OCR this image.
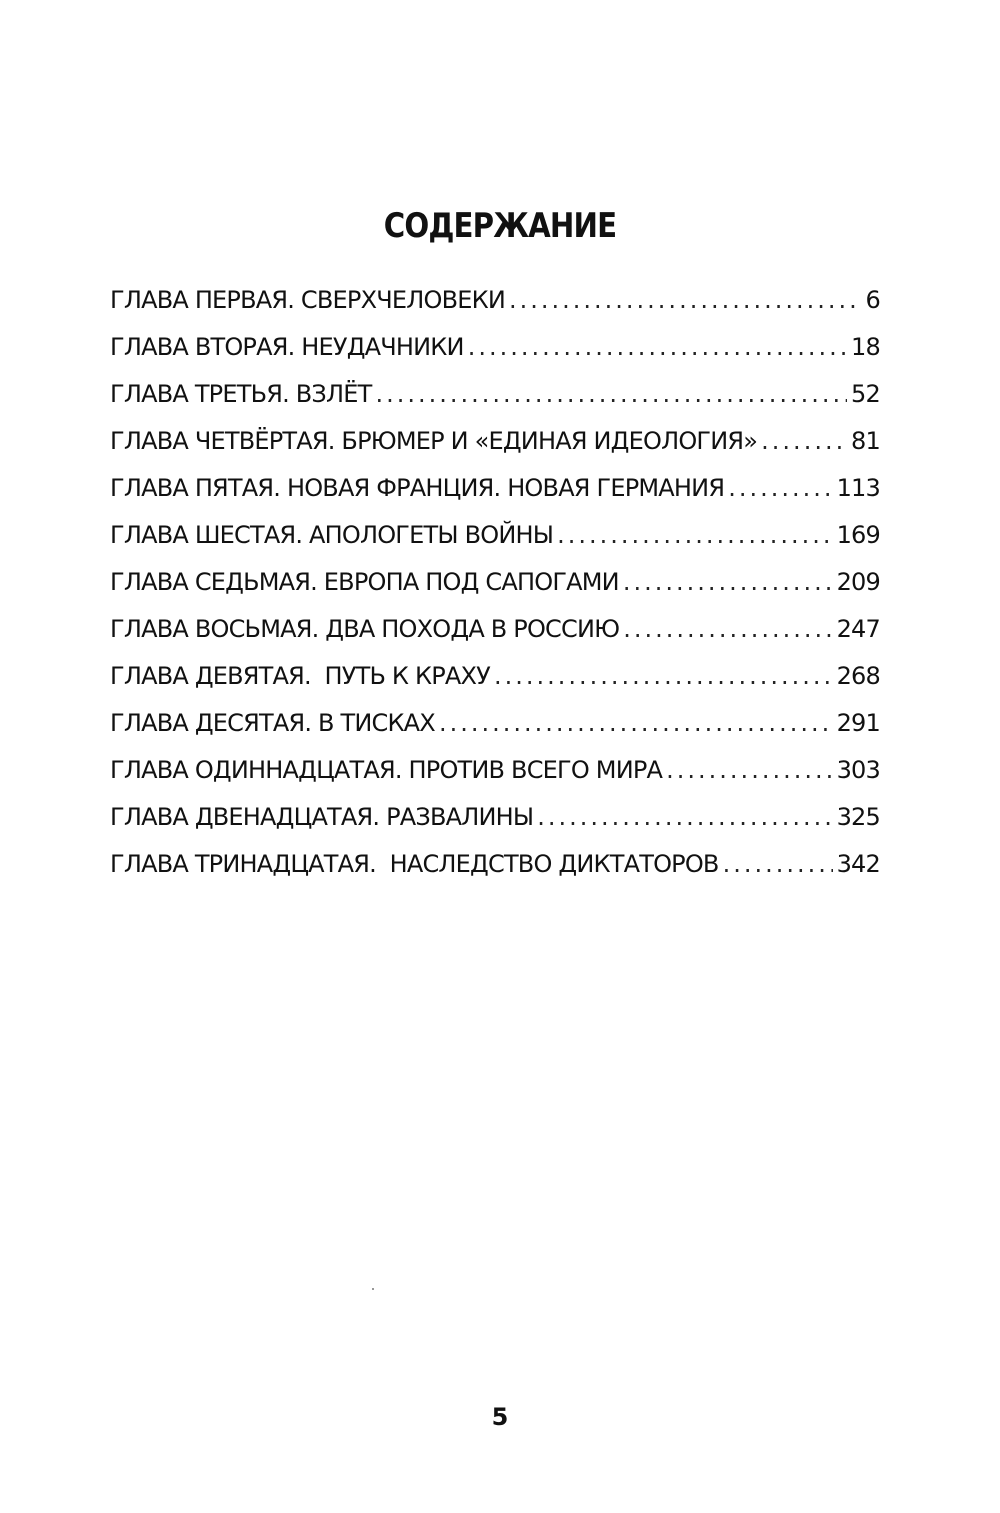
СОДЕРЖАНИЕ
ГЛАВА ПЕРВАЯ. СВЕРХЧЕЛОВЕКИ .....	6
ГЛАВА ВТОРАЯ. НЕУДАЧНИКИ .....	18
ГЛАВА ТРЕТЬЯ. ВЗЛЁТ .....	52
ГЛАВА ЧЕТВЁРТАЯ. БРЮМЕР И «ЕДИНАЯ ИДЕОЛОГИЯ» .....	81
ГЛАВА ПЯТАЯ. НОВАЯ ФРАНЦИЯ. НОВАЯ ГЕРМАНИЯ .....	113
ГЛАВА ШЕСТАЯ. АПОЛОГЕТЫ ВОЙНЫ .....	169
ГЛАВА СЕДЬМАЯ. ЕВРОПА ПОД САПОГАМИ .....	209
ГЛАВА ВОСЬМАЯ. ДВА ПОХОДА В РОССИЮ .....	247
ГЛАВА ДЕВЯТАЯ.  ПУТЬ К КРАХУ .....	268
ГЛАВА ДЕСЯТАЯ. В ТИСКАХ .....	291
ГЛАВА ОДИННАДЦАТАЯ. ПРОТИВ ВСЕГО МИРА .....	303
ГЛАВА ДВЕНАДЦАТАЯ. РАЗВАЛИНЫ .....	325
ГЛАВА ТРИНАДЦАТАЯ.  НАСЛЕДСТВО ДИКТАТОРОВ .....	342
5
